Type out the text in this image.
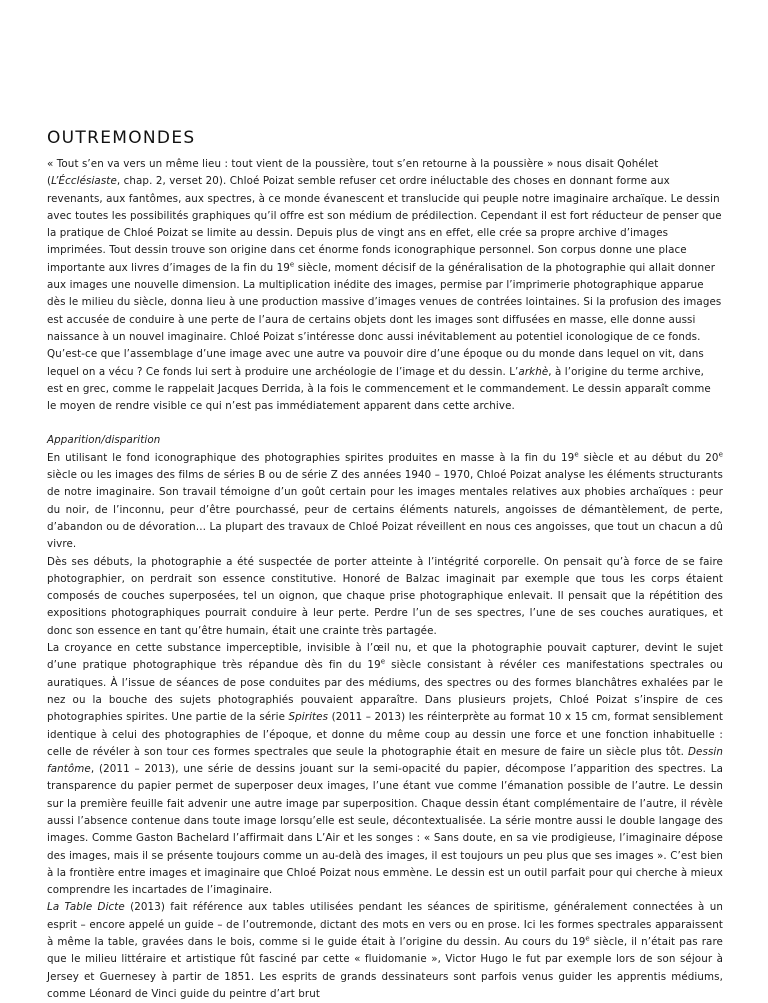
OUTREMONDES

« Tout s’en va vers un même lieu : tout vient de la poussière, tout s’en retourne à la poussière » nous disait Qohélet (L’Écclésiaste, chap. 2, verset 20). Chloé Poizat semble refuser cet ordre inéluctable des choses en donnant forme aux revenants, aux fantômes, aux spectres, à ce monde évanescent et translucide qui peuple notre imaginaire archaïque. Le dessin avec toutes les possibilités graphiques qu’il offre est son médium de prédilection. Cependant il est fort réducteur de penser que la pratique de Chloé Poizat se limite au dessin. Depuis plus de vingt ans en effet, elle crée sa propre archive d’images imprimées. Tout dessin trouve son origine dans cet énorme fonds iconographique personnel. Son corpus donne une place importante aux livres d’images de la fin du 19e siècle, moment décisif de la généralisation de la photographie qui allait donner aux images une nouvelle dimension. La multiplication inédite des images, permise par l’imprimerie photographique apparue dès le milieu du siècle, donna lieu à une production massive d’images venues de contrées lointaines. Si la profusion des images est accusée de conduire à une perte de l’aura de certains objets dont les images sont diffusées en masse, elle donne aussi naissance à un nouvel imaginaire. Chloé Poizat s’intéresse donc aussi inévitablement au potentiel iconologique de ce fonds. Qu’est-ce que l’assemblage d’une image avec une autre va pouvoir dire d’une époque ou du monde dans lequel on vit, dans lequel on a vécu ? Ce fonds lui sert à produire une archéologie de l’image et du dessin. L’arkhè, à l’origine du terme archive, est en grec, comme le rappelait Jacques Derrida, à la fois le commencement et le commandement. Le dessin apparaît comme le moyen de rendre visible ce qui n’est pas immédiatement apparent dans cette archive.

Apparition/disparition

En utilisant le fond iconographique des photographies spirites produites en masse à la fin du 19e siècle et au début du 20e siècle ou les images des films de séries B ou de série Z des années 1940 – 1970, Chloé Poizat analyse les éléments structurants de notre imaginaire. Son travail témoigne d’un goût certain pour les images mentales relatives aux phobies archaïques : peur du noir, de l’inconnu, peur d’être pourchassé, peur de certains éléments naturels, angoisses de démantèlement, de perte, d’abandon ou de dévoration… La plupart des travaux de Chloé Poizat réveillent en nous ces angoisses, que tout un chacun a dû vivre.

Dès ses débuts, la photographie a été suspectée de porter atteinte à l’intégrité corporelle. On pensait qu’à force de se faire photographier, on perdrait son essence constitutive. Honoré de Balzac imaginait par exemple que tous les corps étaient composés de couches superposées, tel un oignon, que chaque prise photographique enlevait. Il pensait que la répétition des expositions photographiques pourrait conduire à leur perte. Perdre l’un de ses spectres, l’une de ses couches auratiques, et donc son essence en tant qu’être humain, était une crainte très partagée.

La croyance en cette substance imperceptible, invisible à l’œil nu, et que la photographie pouvait capturer, devint le sujet d’une pratique photographique très répandue dès fin du 19e siècle consistant à révéler ces manifestations spectrales ou auratiques. À l’issue de séances de pose conduites par des médiums, des spectres ou des formes blanchâtres exhalées par le nez ou la bouche des sujets photographiés pouvaient apparaître. Dans plusieurs projets, Chloé Poizat s’inspire de ces photographies spirites. Une partie de la série Spirites (2011 – 2013) les réinterprète au format 10 x 15 cm, format sensiblement identique à celui des photographies de l’époque, et donne du même coup au dessin une force et une fonction inhabituelle : celle de révéler à son tour ces formes spectrales que seule la photographie était en mesure de faire un siècle plus tôt. Dessin fantôme, (2011 – 2013), une série de dessins jouant sur la semi-opacité du papier, décompose l’apparition des spectres. La transparence du papier permet de superposer deux images, l’une étant vue comme l’émanation possible de l’autre. Le dessin sur la première feuille fait advenir une autre image par superposition. Chaque dessin étant complémentaire de l’autre, il révèle aussi l’absence contenue dans toute image lorsqu’elle est seule, décontextualisée. La série montre aussi le double langage des images. Comme Gaston Bachelard l’affirmait dans L’Air et les songes : « Sans doute, en sa vie prodigieuse, l’imaginaire dépose des images, mais il se présente toujours comme un au-delà des images, il est toujours un peu plus que ses images ». C’est bien à la frontière entre images et imaginaire que Chloé Poizat nous emmène. Le dessin est un outil parfait pour qui cherche à mieux comprendre les incartades de l’imaginaire.
La Table Dicte (2013) fait référence aux tables utilisées pendant les séances de spiritisme, généralement connectées à un esprit – encore appelé un guide – de l’outremonde, dictant des mots en vers ou en prose. Ici les formes spectrales apparaissent à même la table, gravées dans le bois, comme si le guide était à l’origine du dessin. Au cours du 19e siècle, il n’était pas rare que le milieu littéraire et artistique fût fasciné par cette « fluidomanie », Victor Hugo le fut par exemple lors de son séjour à Jersey et Guernesey à partir de 1851. Les esprits de grands dessinateurs sont parfois venus guider les apprentis médiums, comme Léonard de Vinci guide du peintre d’art brut
